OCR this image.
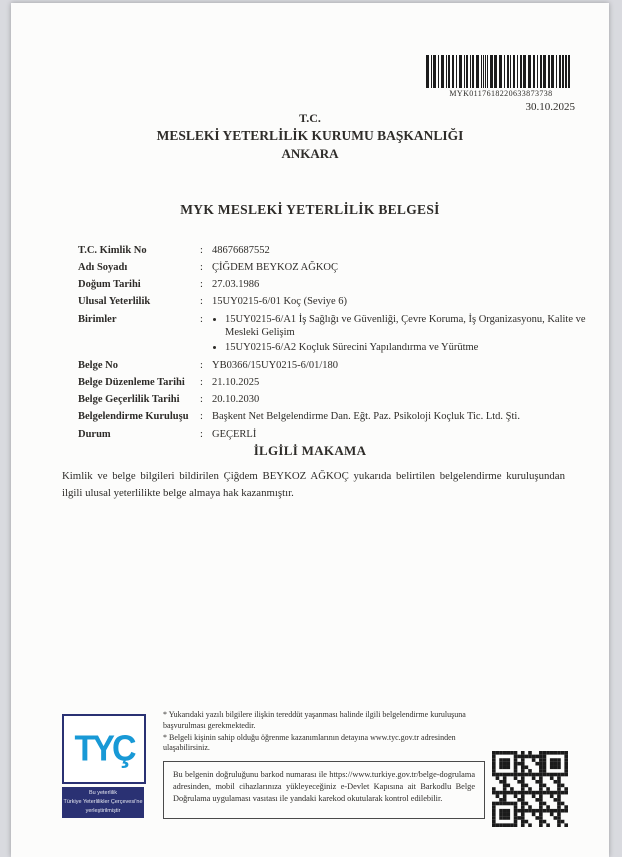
MYK0117618220633873738
30.10.2025
T.C.
MESLEKİ YETERLİLİK KURUMU BAŞKANLIĞI
ANKARA
MYK MESLEKİ YETERLİLİK BELGESİ
T.C. Kimlik No	: 48676687552
Adı Soyadı	: ÇİĞDEM BEYKOZ AĞKOÇ
Doğum Tarihi	: 27.03.1986
Ulusal Yeterlilik	: 15UY0215-6/01 Koç (Seviye 6)
Birimler	:	• 15UY0215-6/A1 İş Sağlığı ve Güvenliği, Çevre Koruma, İş Organizasyonu, Kalite ve Mesleki Gelişim
• 15UY0215-6/A2 Koçluk Sürecini Yapılandırma ve Yürütme
Belge No	: YB0366/15UY0215-6/01/180
Belge Düzenleme Tarihi	: 21.10.2025
Belge Geçerlilik Tarihi	: 20.10.2030
Belgelendirme Kuruluşu	: Başkent Net Belgelendirme Dan. Eğt. Paz. Psikoloji Koçluk Tic. Ltd. Şti.
Durum	: GEÇERLİ
İLGİLİ MAKAMA
Kimlik ve belge bilgileri bildirilen Çiğdem BEYKOZ AĞKOÇ yukarıda belirtilen belgelendirme kuruluşundan ilgili ulusal yeterlilikte belge almaya hak kazanmıştır.
TYÇ
Bu yeterlilik
Türkiye Yeterlilikler Çerçevesi'ne
yerleştirilmiştir

* Yukarıdaki yazılı bilgilere ilişkin tereddüt yaşanması halinde ilgili belgelendirme kuruluşuna başvurulması gerekmektedir.

* Belgeli kişinin sahip olduğu öğrenme kazanımlarının detayına www.tyc.gov.tr adresinden ulaşabilirsiniz.

Bu belgenin doğruluğunu barkod numarası ile https://www.turkiye.gov.tr/belge-dogrulama adresinden, mobil cihazlarınıza yükleyeceğiniz e-Devlet Kapısına ait Barkodlu Belge Doğrulama uygulaması vasıtası ile yandaki karekod okutularak kontrol edilebilir.
